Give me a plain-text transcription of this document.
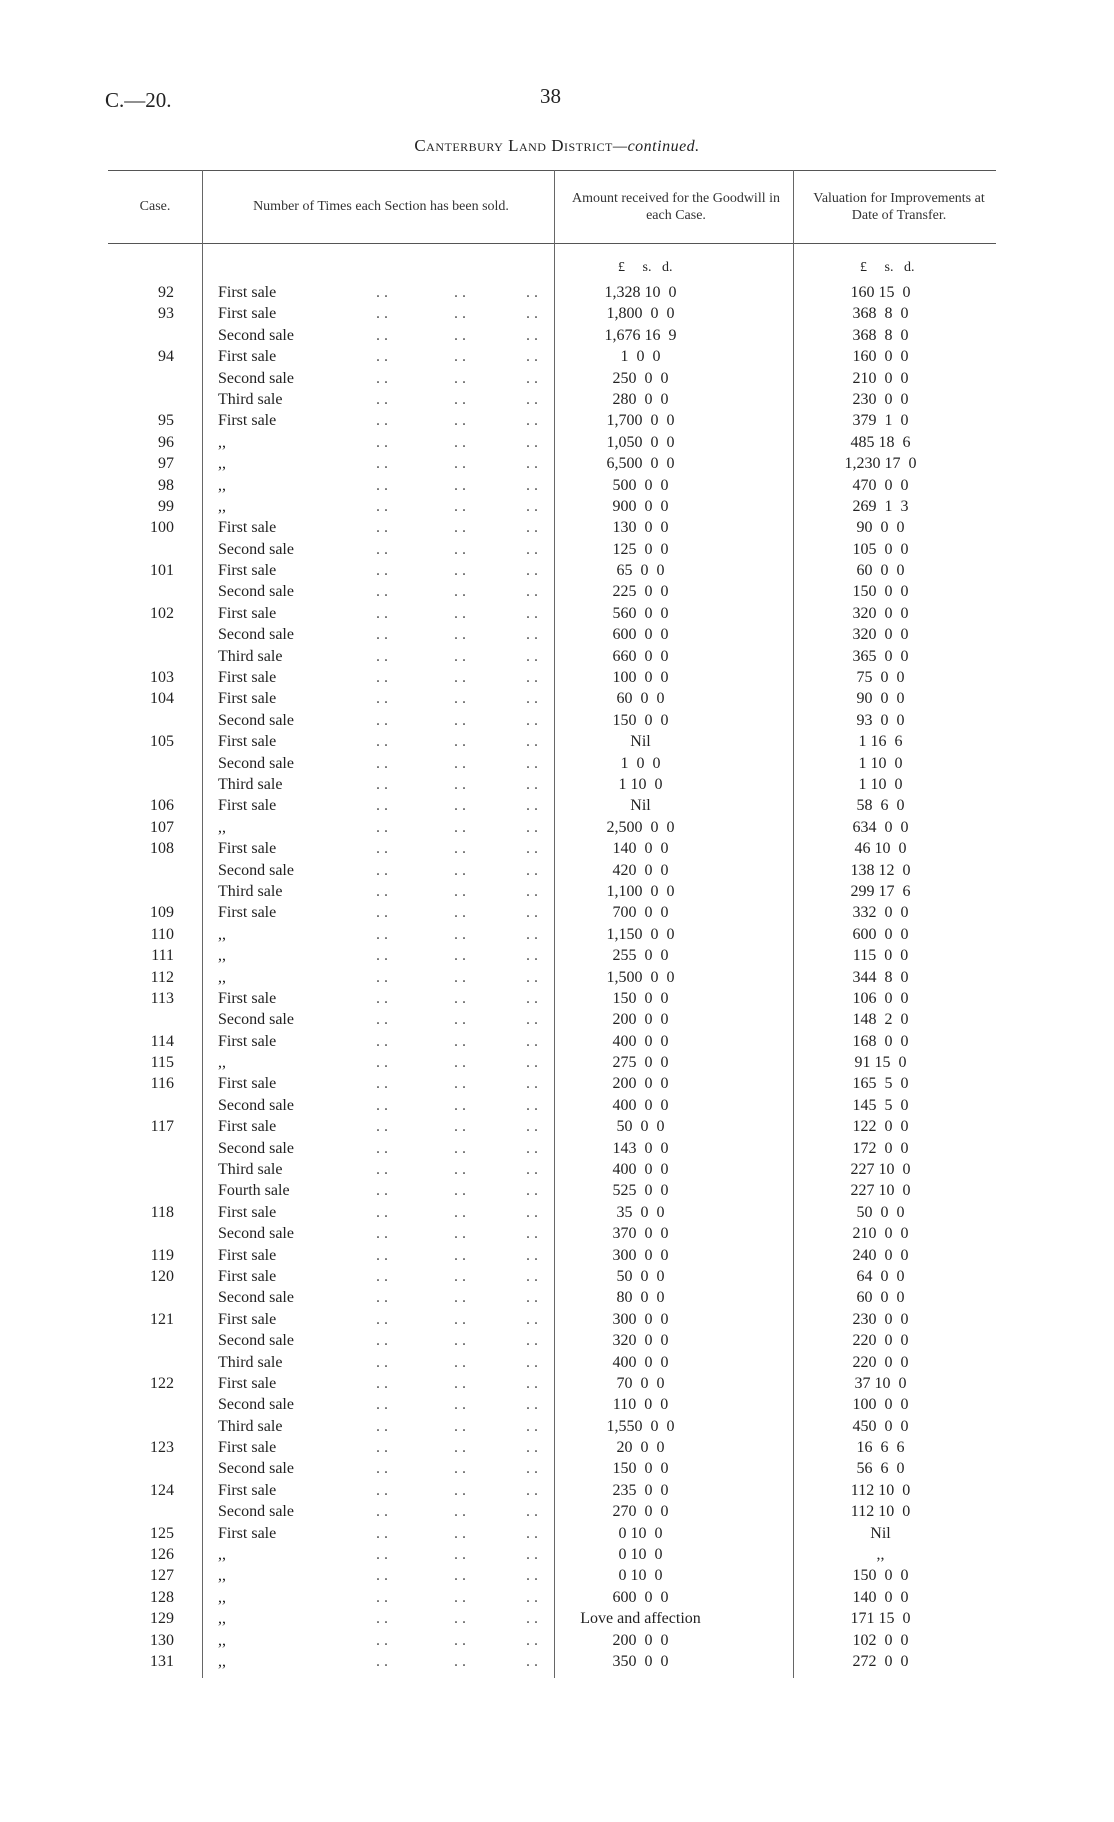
C.—20.	38
Canterbury Land District—continued.
Case.	Number of Times each Section has been sold.
Amount received for the Goodwill in each Case.
Valuation for Improvements at Date of Transfer.
£     s.   d.	£     s.   d.
92	First sale	. .	. .	. .	1,328 10  0	160 15  0
93	First sale	. .	. .	. .	1,800  0  0	368  8  0
Second sale	. .	. .	. .	1,676 16  9	368  8  0
94	First sale	. .	. .	. .	1  0  0	160  0  0
Second sale	. .	. .	. .	250  0  0	210  0  0
Third sale	. .	. .	. .	280  0  0	230  0  0
95	First sale	. .	. .	. .	1,700  0  0	379  1  0
96	,,	. .	. .	. .	1,050  0  0	485 18  6
97	,,	. .	. .	. .	6,500  0  0	1,230 17  0
98	,,	. .	. .	. .	500  0  0	470  0  0
99	,,	. .	. .	. .	900  0  0	269  1  3
100	First sale	. .	. .	. .	130  0  0	90  0  0
Second sale	. .	. .	. .	125  0  0	105  0  0
101	First sale	. .	. .	. .	65  0  0	60  0  0
Second sale	. .	. .	. .	225  0  0	150  0  0
102	First sale	. .	. .	. .	560  0  0	320  0  0
Second sale	. .	. .	. .	600  0  0	320  0  0
Third sale	. .	. .	. .	660  0  0	365  0  0
103	First sale	. .	. .	. .	100  0  0	75  0  0
104	First sale	. .	. .	. .	60  0  0	90  0  0
Second sale	. .	. .	. .	150  0  0	93  0  0
105	First sale	. .	. .	. .	Nil	1 16  6
Second sale	. .	. .	. .	1  0  0	1 10  0
Third sale	. .	. .	. .	1 10  0	1 10  0
106	First sale	. .	. .	. .	Nil	58  6  0
107	,,	. .	. .	. .	2,500  0  0	634  0  0
108	First sale	. .	. .	. .	140  0  0	46 10  0
Second sale	. .	. .	. .	420  0  0	138 12  0
Third sale	. .	. .	. .	1,100  0  0	299 17  6
109	First sale	. .	. .	. .	700  0  0	332  0  0
110	,,	. .	. .	. .	1,150  0  0	600  0  0
111	,,	. .	. .	. .	255  0  0	115  0  0
112	,,	. .	. .	. .	1,500  0  0	344  8  0
113	First sale	. .	. .	. .	150  0  0	106  0  0
Second sale	. .	. .	. .	200  0  0	148  2  0
114	First sale	. .	. .	. .	400  0  0	168  0  0
115	,,	. .	. .	. .	275  0  0	91 15  0
116	First sale	. .	. .	. .	200  0  0	165  5  0
Second sale	. .	. .	. .	400  0  0	145  5  0
117	First sale	. .	. .	. .	50  0  0	122  0  0
Second sale	. .	. .	. .	143  0  0	172  0  0
Third sale	. .	. .	. .	400  0  0	227 10  0
Fourth sale	. .	. .	. .	525  0  0	227 10  0
118	First sale	. .	. .	. .	35  0  0	50  0  0
Second sale	. .	. .	. .	370  0  0	210  0  0
119	First sale	. .	. .	. .	300  0  0	240  0  0
120	First sale	. .	. .	. .	50  0  0	64  0  0
Second sale	. .	. .	. .	80  0  0	60  0  0
121	First sale	. .	. .	. .	300  0  0	230  0  0
Second sale	. .	. .	. .	320  0  0	220  0  0
Third sale	. .	. .	. .	400  0  0	220  0  0
122	First sale	. .	. .	. .	70  0  0	37 10  0
Second sale	. .	. .	. .	110  0  0	100  0  0
Third sale	. .	. .	. .	1,550  0  0	450  0  0
123	First sale	. .	. .	. .	20  0  0	16  6  6
Second sale	. .	. .	. .	150  0  0	56  6  0
124	First sale	. .	. .	. .	235  0  0	112 10  0
Second sale	. .	. .	. .	270  0  0	112 10  0
125	First sale	. .	. .	. .	0 10  0	Nil
126	,,	. .	. .	. .	0 10  0	,,
127	,,	. .	. .	. .	0 10  0	150  0  0
128	,,	. .	. .	. .	600  0  0	140  0  0
129	,,	. .	. .	. .	Love and affection	171 15  0
130	,,	. .	. .	. .	200  0  0	102  0  0
131	,,	. .	. .	. .	350  0  0	272  0  0
